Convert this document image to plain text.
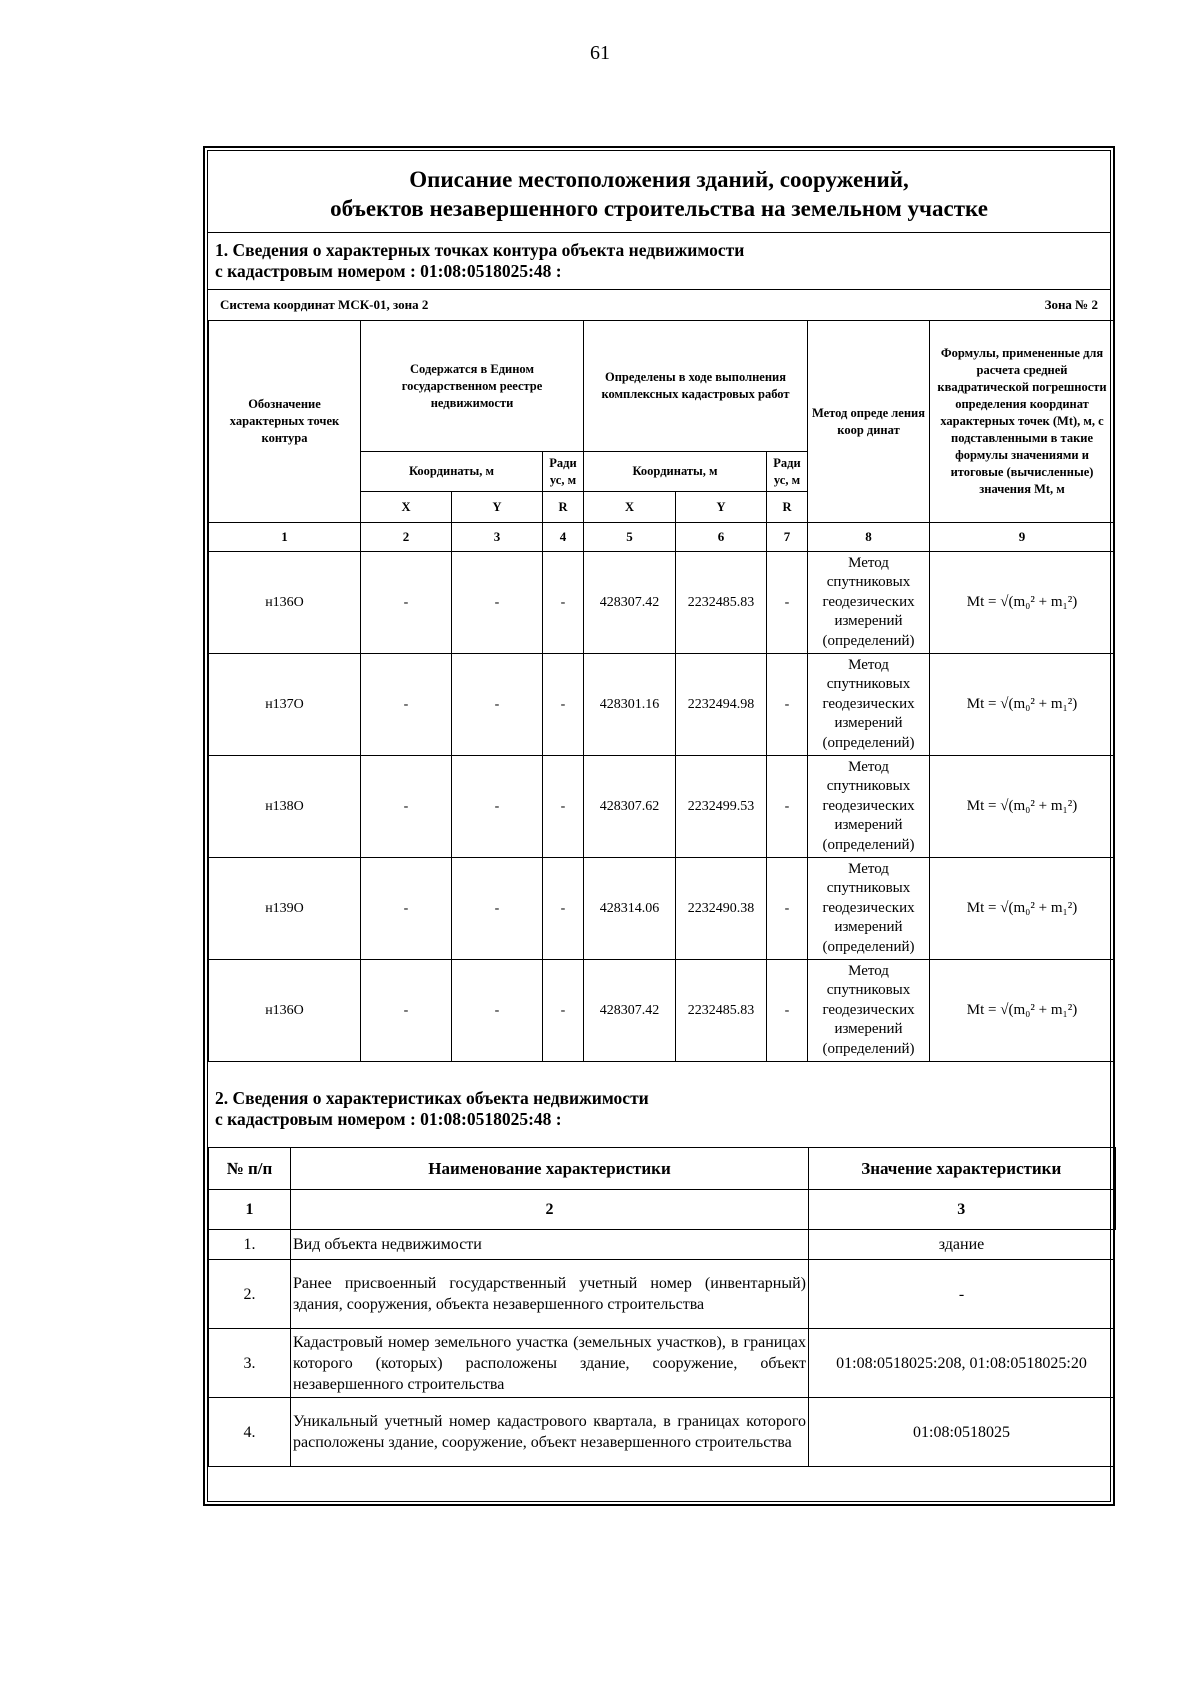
61
Описание местоположения зданий, сооружений,
объектов незавершенного строительства на земельном участке
1. Сведения о характерных точках контура объекта недвижимости
с кадастровым номером : 01:08:0518025:48 :
Система координат МСК-01, зона 2	Зона № 2
Обозначение характерных точек контура	Содержатся в Едином государственном реестре недвижимости			Определены в ходе выполнения комплексных кадастровых работ			Метод опреде ления коор динат	Формулы, примененные для расчета средней квадратической погрешности определения координат характерных точек (Mt), м, с подставленными в такие формулы значениями и итоговые (вычисленные) значения Mt, м
	Координаты, м		Ради ус, м	Координаты, м		Ради ус, м		
	X	Y	R	X	Y	R		
1	2	3	4	5	6	7	8	9
н136О	-	-	-	428307.42	2232485.83	-	Метод спутниковых геодезических измерений (определений)	Mt = √(m₀² + m₁²)
н137О	-	-	-	428301.16	2232494.98	-	Метод спутниковых геодезических измерений (определений)	Mt = √(m₀² + m₁²)
н138О	-	-	-	428307.62	2232499.53	-	Метод спутниковых геодезических измерений (определений)	Mt = √(m₀² + m₁²)
н139О	-	-	-	428314.06	2232490.38	-	Метод спутниковых геодезических измерений (определений)	Mt = √(m₀² + m₁²)
н136О	-	-	-	428307.42	2232485.83	-	Метод спутниковых геодезических измерений (определений)	Mt = √(m₀² + m₁²)
2. Сведения о характеристиках объекта недвижимости
с кадастровым номером : 01:08:0518025:48 :
№ п/п	Наименование характеристики	Значение характеристики
1	2	3
1.	Вид объекта недвижимости	здание
2.	Ранее присвоенный государственный учетный номер (инвентарный) здания, сооружения, объекта незавершенного строительства	-
3.	Кадастровый номер земельного участка (земельных участков), в границах которого (которых) расположены здание, сооружение, объект незавершенного строительства	01:08:0518025:208, 01:08:0518025:20
4.	Уникальный учетный номер кадастрового квартала, в границах которого расположены здание, сооружение, объект незавершенного строительства	01:08:0518025
